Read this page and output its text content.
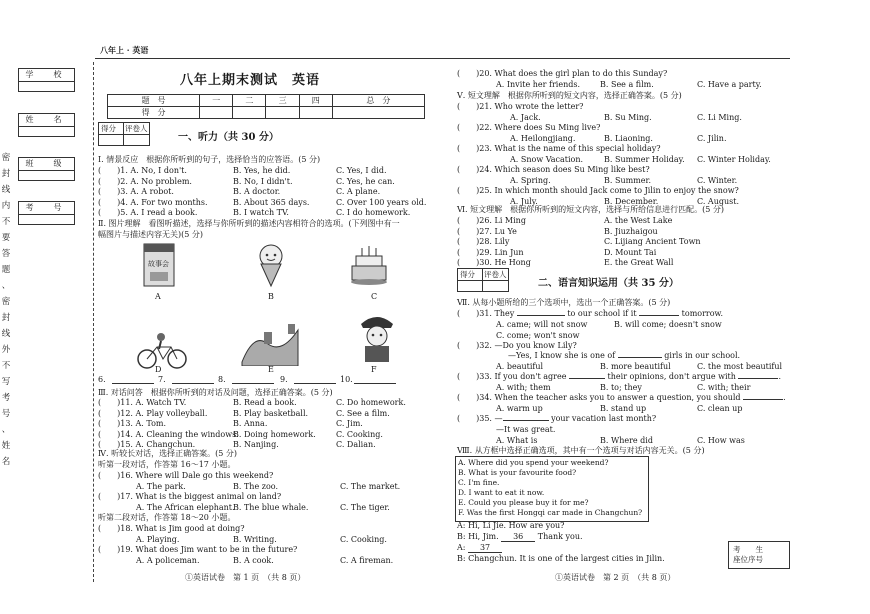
八年上 · 英语
学　校
姓　名
班　级
考　号
密
封
线
内
不
要
答
题
、
密
封
线
外
不
写
考
号
、
姓
名
八年上期末测试　英语
题　号	一	二	三	四	总　分
得　分					
得分 评卷人
一、听力（共 30 分）
Ⅰ. 情景反应　根据你所听到的句子，选择恰当的应答语。(5 分)
(　　)1. A. No, I don't.	B. Yes, he did.	C. Yes, I did.
(　　)2. A. No problem.	B. No, I didn't.	C. Yes, he can.
(　　)3. A. A robot.	B. A doctor.	C. A plane.
(　　)4. A. For two months.	B. About 365 days.	C. Over 100 years old.
(　　)5. A. I read a book.	B. I watch TV.	C. I do homework.
Ⅱ. 图片理解　看图听描述，选择与你所听到的描述内容相符合的选项。(下列图中有一
幅图片与描述内容无关)(5 分)
故事会
A	B	C
D	E	F
6.	7.	8.	9.	10.
Ⅲ. 对话问答　根据你所听到的对话及问题，选择正确答案。(5 分)
(　　)11. A. Watch TV.	B. Read a book.	C. Do homework.
(　　)12. A. Play volleyball.	B. Play basketball.	C. See a film.
(　　)13. A. Tom.	B. Anna.	C. Jim.
(　　)14. A. Cleaning the windows.
B. Doing homework.	C. Cooking.
(　　)15. A. Changchun.	B. Nanjing.	C. Dalian.
Ⅳ. 听较长对话，选择正确答案。(5 分)
听第一段对话，作答第 16～17 小题。
(　　)16. Where will Dale go this weekend?
A. The park.	B. The zoo.	C. The market.
(　　)17. What is the biggest animal on land?
A. The African elephant.
B. The blue whale.	C. The tiger.
听第二段对话，作答第 18～20 小题。
(　　)18. What is Jim good at doing?
A. Playing.	B. Writing.	C. Cooking.
(　　)19. What does Jim want to be in the future?
A. A policeman.	B. A cook.	C. A fireman.
①英语试卷　第 1 页　（共 8 页）
(　　)20. What does the girl plan to do this Sunday?
A. Invite her friends.	B. See a film.	C. Have a party.
Ⅴ. 短文理解　根据你所听到的短文内容，选择正确答案。(5 分)
(　　)21. Who wrote the letter?
A. Jack.	B. Su Ming.	C. Li Ming.
(　　)22. Where does Su Ming live?
A. Heilongjiang.	B. Liaoning.	C. Jilin.
(　　)23. What is the name of this special holiday?
A. Snow Vacation.	B. Summer Holiday. C. Winter Holiday.
(　　)24. Which season does Su Ming like best?
A. Spring.	B. Summer.	C. Winter.
(　　)25. In which month should Jack come to Jilin to enjoy the snow?
A. July.	B. December.	C. August.
Ⅵ. 短文理解　根据你所听到的短文内容，选择与所给信息进行匹配。(5 分)
(　　)26. Li Ming	A. the West Lake
(　　)27. Lu Ye	B. Jiuzhaigou
(　　)28. Lily	C. Lijiang Ancient Town
(　　)29. Lin Jun	D. Mount Tai
(　　)30. He Hong	E. the Great Wall
得分 评卷人
二、语言知识运用（共 35 分）
Ⅶ. 从每小题所给的三个选项中，选出一个正确答案。(5 分)
(　　)31. They	to our school if it	tomorrow.
A. came; will not snow	B. will come; doesn't snow
C. come; won't snow
(　　)32. —Do you know Lily?
—Yes, I know she is one of	girls in our school.
A. beautiful	B. more beautiful	C. the most beautiful
(　　)33. If you don't agree	their opinions, don't argue with	.
A. with; them	B. to; they	C. with; their
(　　)34. When the teacher asks you to answer a question, you should	.
A. warm up	B. stand up	C. clean up
(　　)35. —	your vacation last month?
—It was great.
A. What is	B. Where did	C. How was
Ⅷ. 从方框中选择正确选项，其中有一个选项与对话内容无关。(5 分)
A. Where did you spend your weekend?
B. What is your favourite food?
C. I'm fine.
D. I want to eat it now.
E. Could you please buy it for me?
F. Was the first Hongqi car made in Changchun?
A: Hi, Li Jie. How are you?
B: Hi, Jim. 36 Thank you.
A: 37
B: Changchun. It is one of the largest cities in Jilin.
考　　生
座位序号
①英语试卷　第 2 页　（共 8 页）
